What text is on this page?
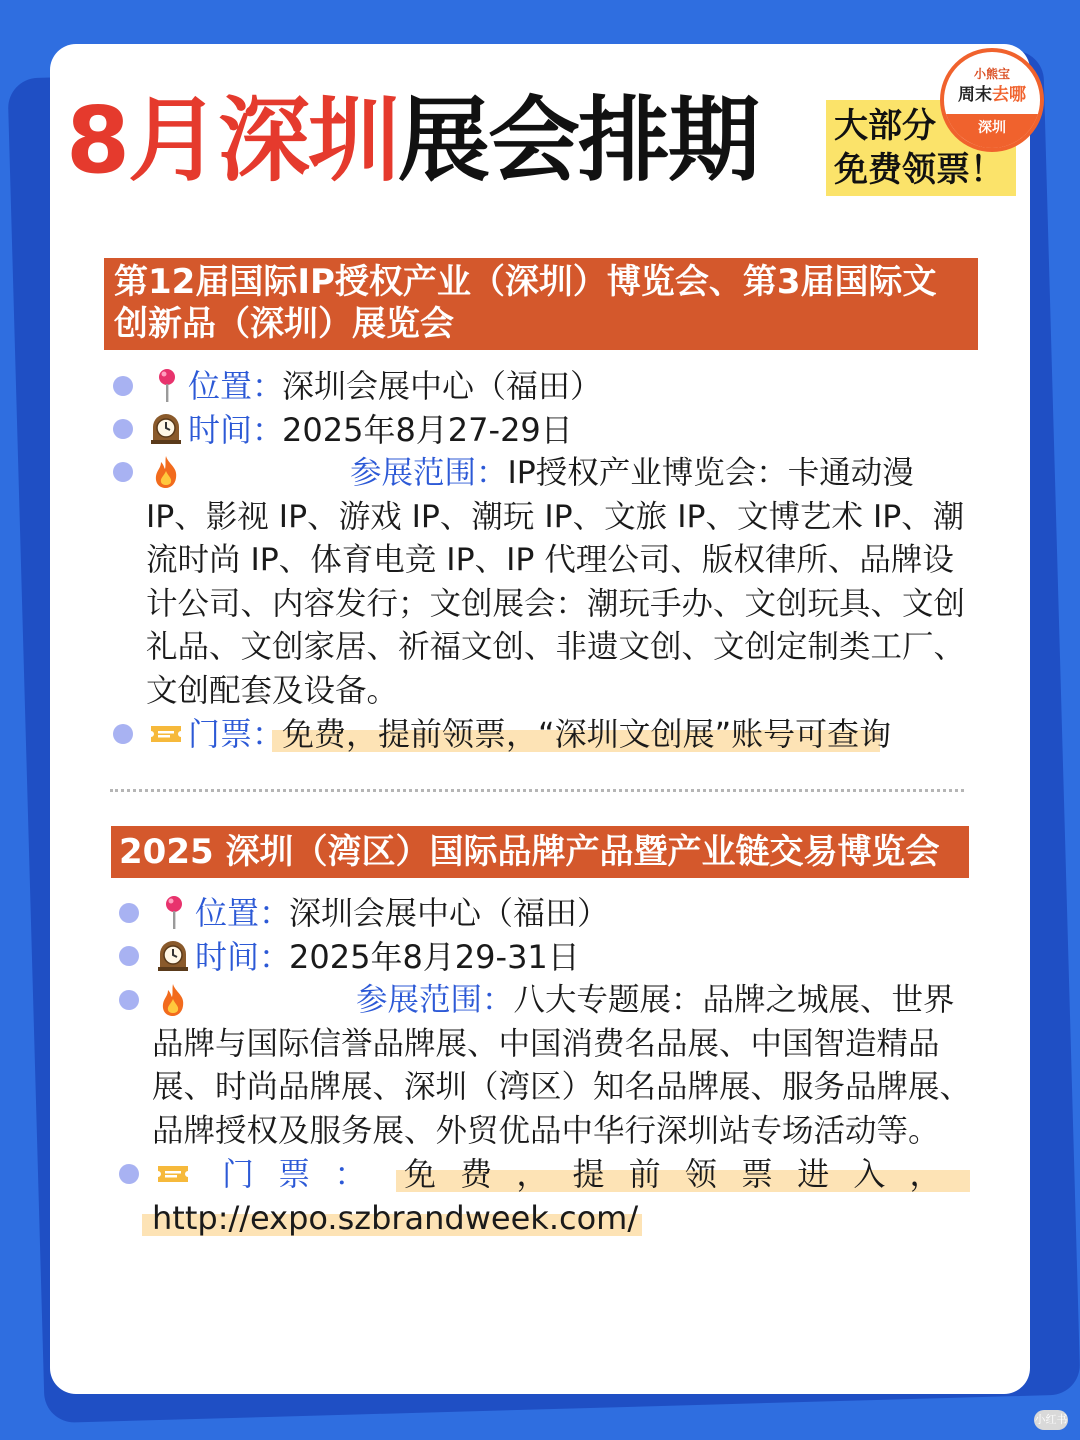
8月深圳展会排期 大部分
免费领票！
小熊宝
周末去哪
深圳
第12届国际IP授权产业（深圳）博览会、第3届国际文创新品（深圳）展览会
位置：
深圳会展中心（福田）
时间：
2025年8月27-29日

参展范围：IP授权产业博览会：卡通动漫 IP、影视 IP、游戏 IP、潮玩 IP、文旅 IP、文博艺术 IP、潮流时尚 IP、体育电竞 IP、IP 代理公司、版权律所、品牌设计公司、内容发行；文创展会：潮玩手办、文创玩具、文创礼品、文创家居、祈福文创、非遗文创、文创定制类工厂、文创配套及设备。

门票：
免费，提前领票，“深圳文创展”账号可查询
2025 深圳（湾区）国际品牌产品暨产业链交易博览会
位置：
深圳会展中心（福田）
时间：
2025年8月29-31日

参展范围：八大专题展：品牌之城展、世界品牌与国际信誉品牌展、中国消费名品展、中国智造精品展、时尚品牌展、深圳（湾区）知名品牌展、服务品牌展、品牌授权及服务展、外贸优品中华行深圳站专场活动等。

门 票 ： 免 费 ， 提 前 领 票 进 入 ，
http://expo.szbrandweek.com/
小红书
